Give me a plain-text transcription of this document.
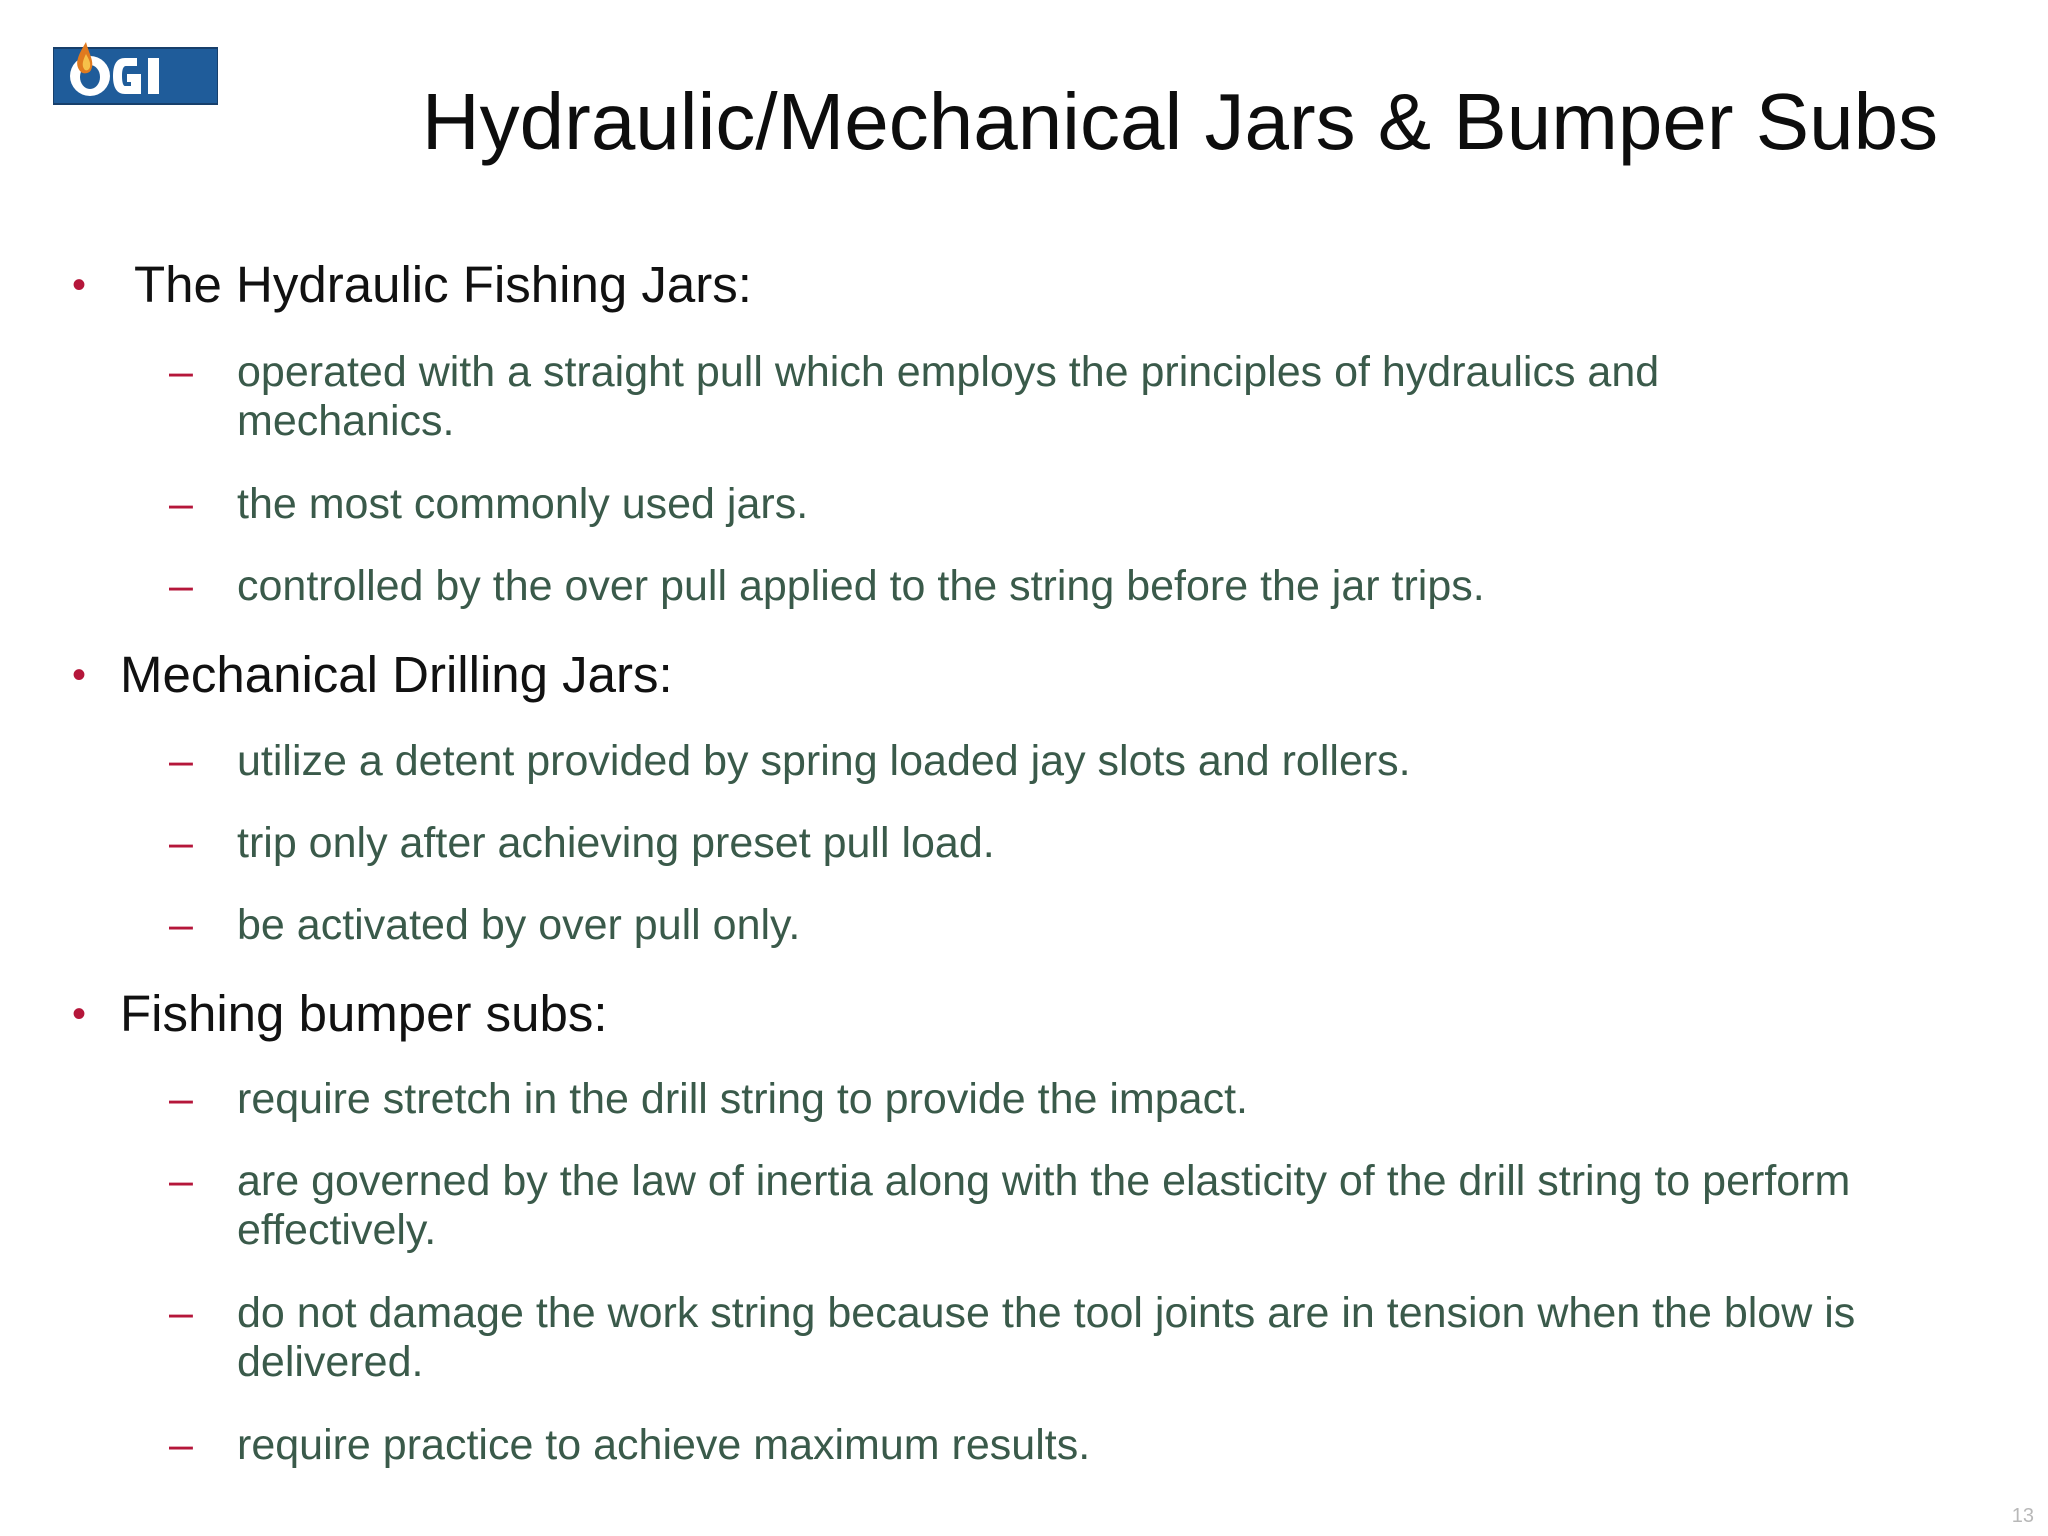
Hydraulic/Mechanical Jars & Bumper Subs
• The Hydraulic Fishing Jars:
– operated with a straight pull which employs the principles of hydraulics and mechanics.
– the most commonly used jars.
– controlled by the over pull applied to the string before the jar trips.
• Mechanical Drilling Jars:
– utilize a detent provided by spring loaded jay slots and rollers.
– trip only after achieving preset pull load.
– be activated by over pull only.
• Fishing bumper subs:
– require stretch in the drill string to provide the impact.
– are governed by the law of inertia along with the elasticity of the drill string to perform effectively.
– do not damage the work string because the tool joints are in tension when the blow is delivered.
– require practice to achieve maximum results.
13
